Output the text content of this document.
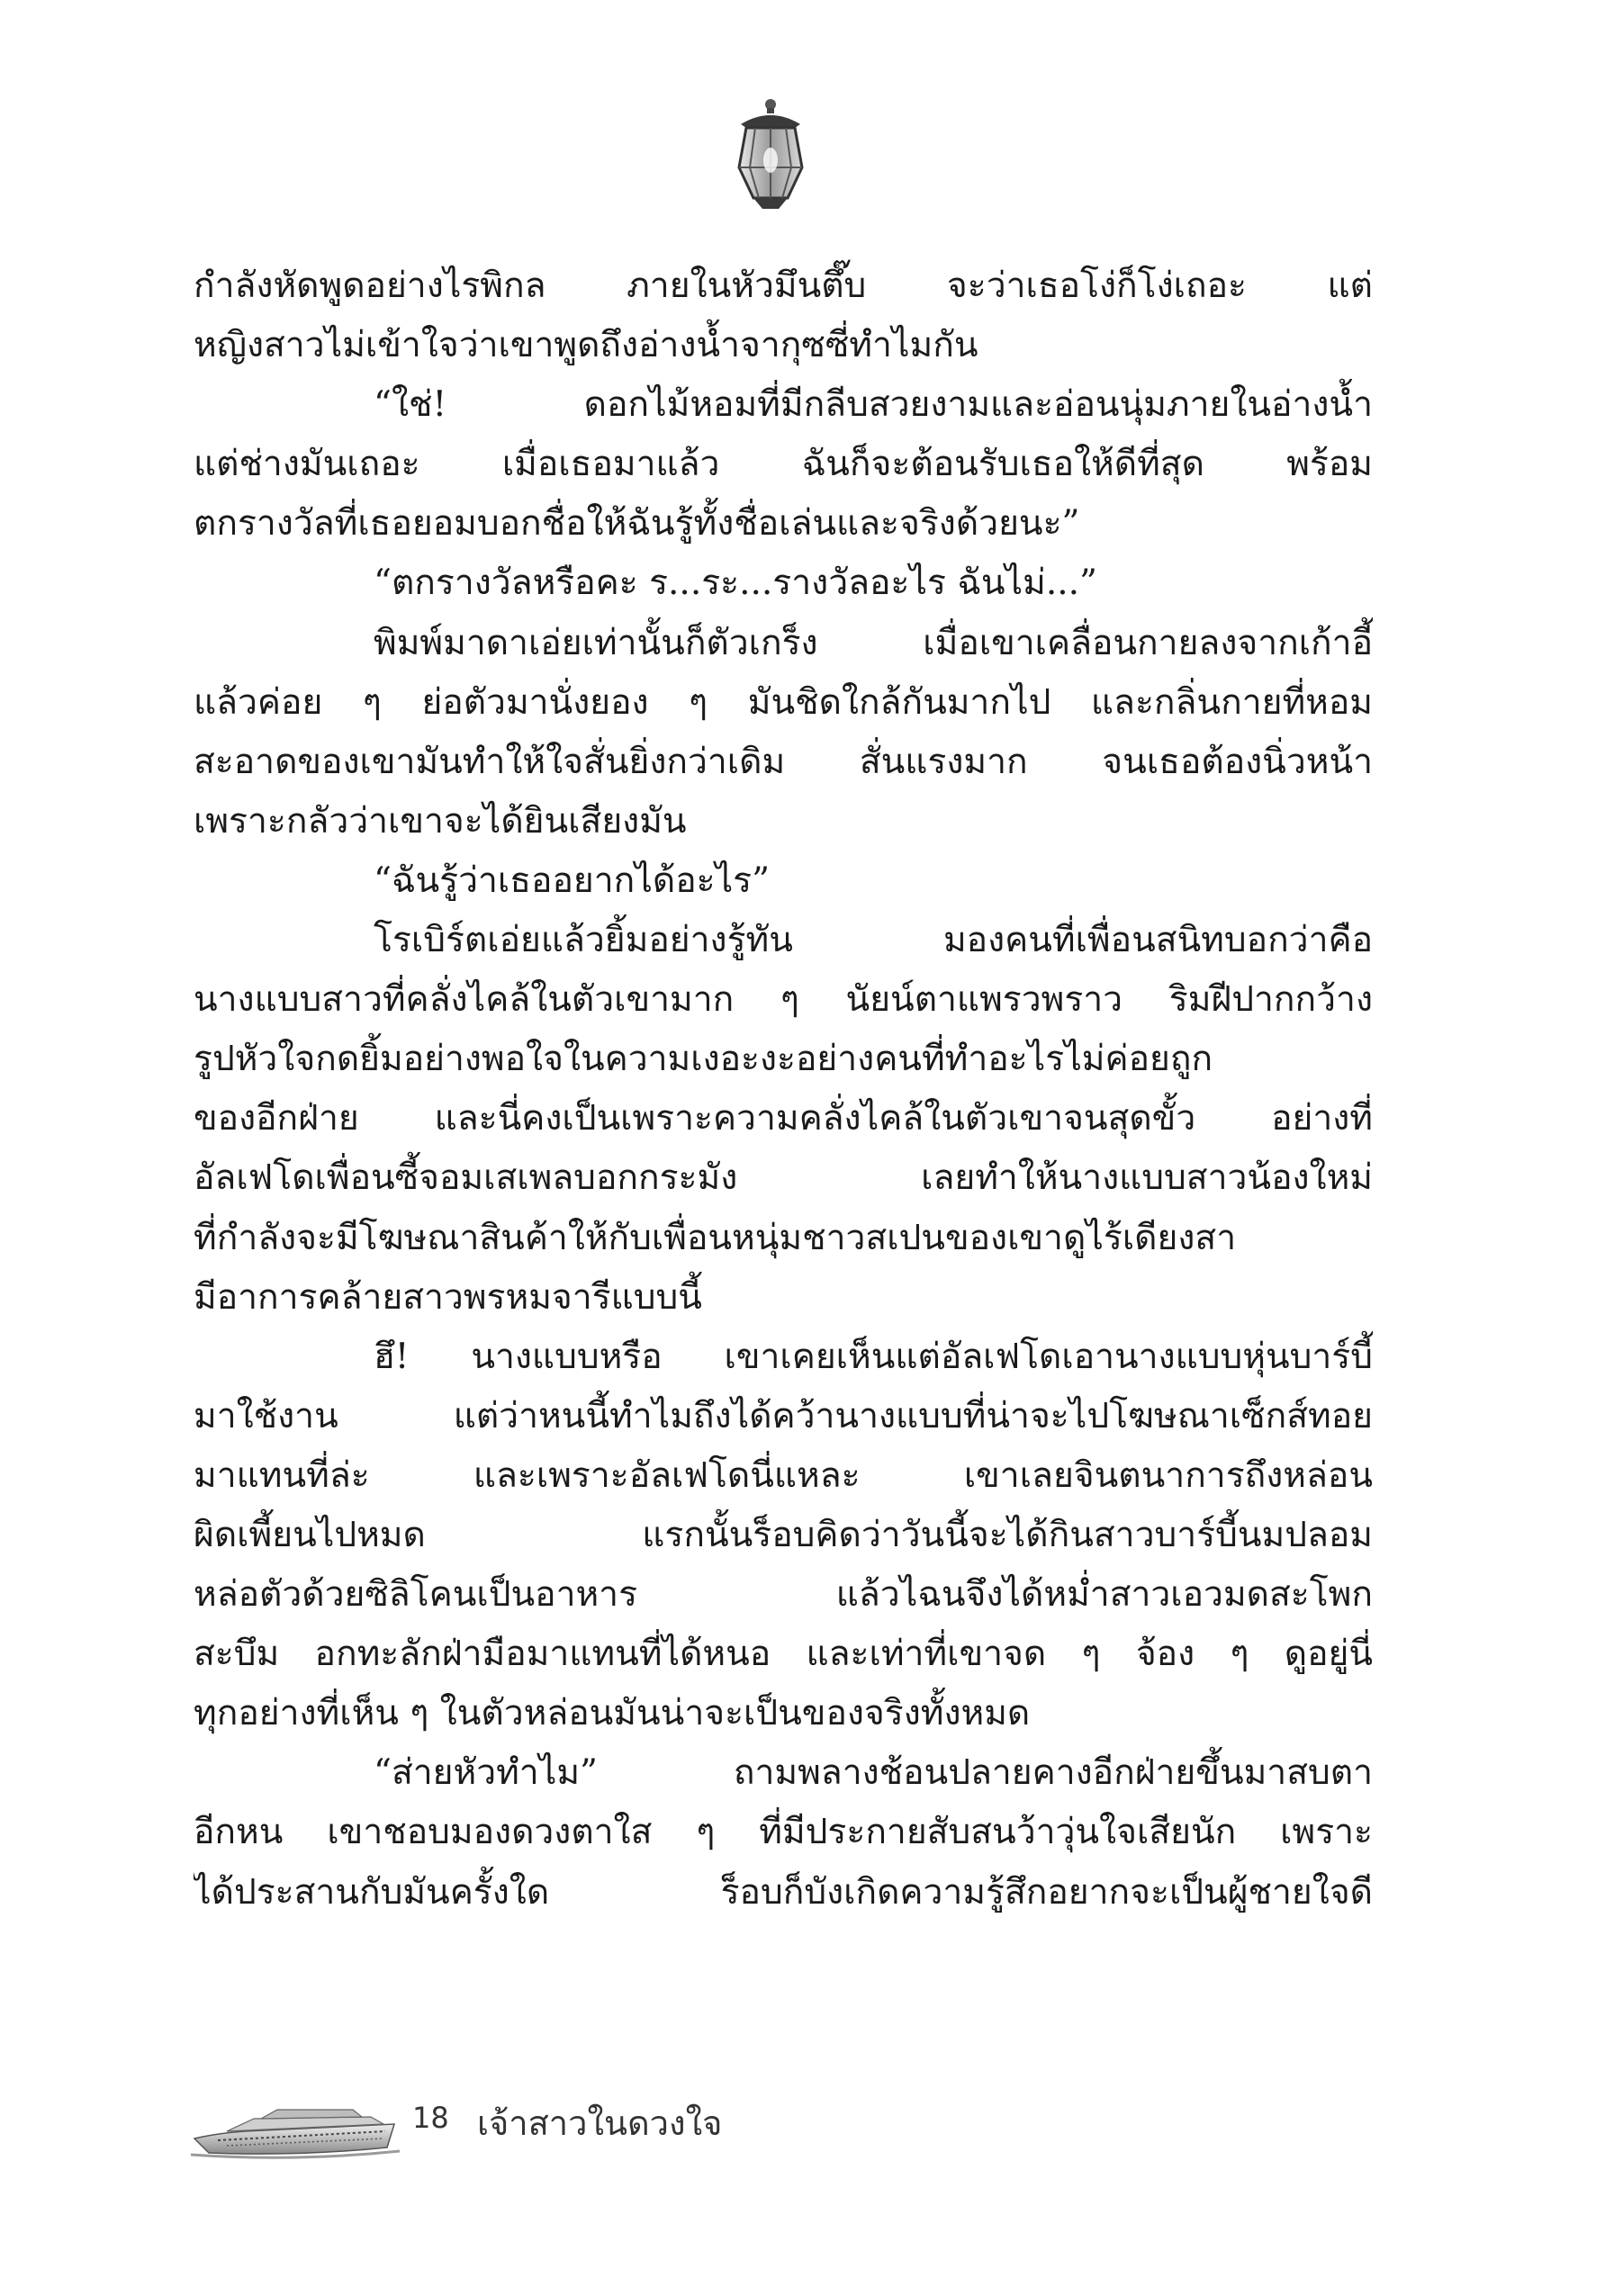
กำลังหัดพูดอย่างไรพิกล ภายในหัวมึนตึ๊บ จะว่าเธอโง่ก็โง่เถอะ แต่
หญิงสาวไม่เข้าใจว่าเขาพูดถึงอ่างน้ำจากุซซี่ทำไมกัน
“ใช่! ดอกไม้หอมที่มีกลีบสวยงามและอ่อนนุ่มภายในอ่างน้ำ
แต่ช่างมันเถอะ เมื่อเธอมาแล้ว ฉันก็จะต้อนรับเธอให้ดีที่สุด พร้อม
ตกรางวัลที่เธอยอมบอกชื่อให้ฉันรู้ทั้งชื่อเล่นและจริงด้วยนะ”
“ตกรางวัลหรือคะ ร...ระ...รางวัลอะไร ฉันไม่...”
พิมพ์มาดาเอ่ยเท่านั้นก็ตัวเกร็ง เมื่อเขาเคลื่อนกายลงจากเก้าอี้
แล้วค่อย ๆ ย่อตัวมานั่งยอง ๆ มันชิดใกล้กันมากไป และกลิ่นกายที่หอม
สะอาดของเขามันทำให้ใจสั่นยิ่งกว่าเดิม สั่นแรงมาก จนเธอต้องนิ่วหน้า
เพราะกลัวว่าเขาจะได้ยินเสียงมัน
“ฉันรู้ว่าเธออยากได้อะไร”
โรเบิร์ตเอ่ยแล้วยิ้มอย่างรู้ทัน มองคนที่เพื่อนสนิทบอกว่าคือ
นางแบบสาวที่คลั่งไคล้ในตัวเขามาก ๆ นัยน์ตาแพรวพราว ริมฝีปากกว้าง
รูปหัวใจกดยิ้มอย่างพอใจในความเงอะงะอย่างคนที่ทำอะไรไม่ค่อยถูก
ของอีกฝ่าย และนี่คงเป็นเพราะความคลั่งไคล้ในตัวเขาจนสุดขั้ว อย่างที่
อัลเฟโดเพื่อนซี้จอมเสเพลบอกกระมัง เลยทำให้นางแบบสาวน้องใหม่
ที่กำลังจะมีโฆษณาสินค้าให้กับเพื่อนหนุ่มชาวสเปนของเขาดูไร้เดียงสา
มีอาการคล้ายสาวพรหมจารีแบบนี้
ฮึ! นางแบบหรือ เขาเคยเห็นแต่อัลเฟโดเอานางแบบหุ่นบาร์บี้
มาใช้งาน แต่ว่าหนนี้ทำไมถึงได้คว้านางแบบที่น่าจะไปโฆษณาเซ็กส์ทอย
มาแทนที่ล่ะ และเพราะอัลเฟโดนี่แหละ เขาเลยจินตนาการถึงหล่อน
ผิดเพี้ยนไปหมด แรกนั้นร็อบคิดว่าวันนี้จะได้กินสาวบาร์บี้นมปลอม
หล่อตัวด้วยซิลิโคนเป็นอาหาร แล้วไฉนจึงได้หม่ำสาวเอวมดสะโพก
สะบึม อกทะลักฝ่ามือมาแทนที่ได้หนอ และเท่าที่เขาจด ๆ จ้อง ๆ ดูอยู่นี่
ทุกอย่างที่เห็น ๆ ในตัวหล่อนมันน่าจะเป็นของจริงทั้งหมด
“ส่ายหัวทำไม” ถามพลางช้อนปลายคางอีกฝ่ายขึ้นมาสบตา
อีกหน เขาชอบมองดวงตาใส ๆ ที่มีประกายสับสนว้าวุ่นใจเสียนัก เพราะ
ได้ประสานกับมันครั้งใด ร็อบก็บังเกิดความรู้สึกอยากจะเป็นผู้ชายใจดี
18 เจ้าสาวในดวงใจ
